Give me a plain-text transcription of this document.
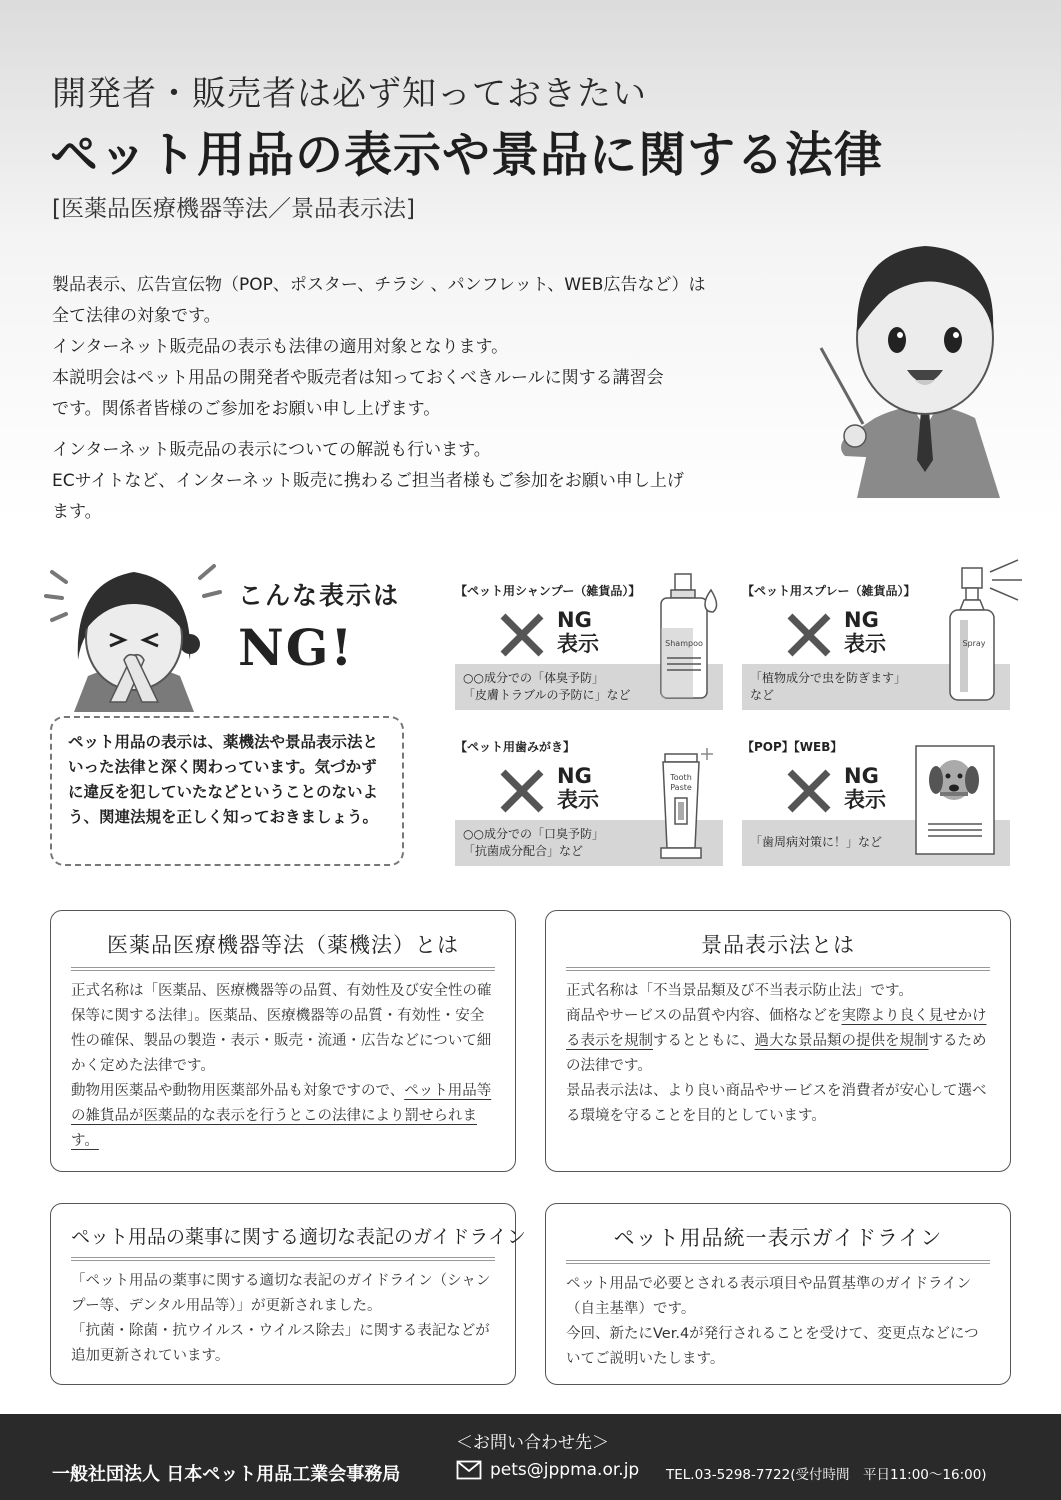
開発者・販売者は必ず知っておきたい
ペット用品の表示や景品に関する法律
[医薬品医療機器等法／景品表示法]

製品表示、広告宣伝物（POP、ポスター、チラシ 、パンフレット、WEB広告など）は

全て法律の対象です。

インターネット販売品の表示も法律の適用対象となります。

本説明会はペット用品の開発者や販売者は知っておくべきルールに関する講習会

です。関係者皆様のご参加をお願い申し上げます。

インターネット販売品の表示についての解説も行います。

ECサイトなど、インターネット販売に携わるご担当者様もご参加をお願い申し上げ

ます。

こんな表示は
NG!

ペット用品の表示は、薬機法や景品表示法といった法律と深く関わっています。気づかずに違反を犯していたなどということのないよう、関連法規を正しく知っておきましょう。

【ペット用シャンプー（雑貨品）】
NG
表示
○○成分での「体臭予防」
「皮膚トラブルの予防に」など
Shampoo
【ペット用スプレー（雑貨品）】
NG
表示
「植物成分で虫を防ぎます」
など
Spray
【ペット用歯みがき】
NG
表示
○○成分での「口臭予防」
「抗菌成分配合」など
Tooth
Paste
【POP】【WEB】
NG
表示
「歯周病対策に！」など
医薬品医療機器等法（薬機法）とは

正式名称は「医薬品、医療機器等の品質、有効性及び安全性の確保等に関する法律」。医薬品、医療機器等の品質・有効性・安全性の確保、製品の製造・表示・販売・流通・広告などについて細かく定めた法律です。

動物用医薬品や動物用医薬部外品も対象ですので、ペット用品等の雑貨品が医薬品的な表示を行うとこの法律により罰せられます。

景品表示法とは

正式名称は「不当景品類及び不当表示防止法」です。

商品やサービスの品質や内容、価格などを実際より良く見せかける表示を規制するとともに、過大な景品類の提供を規制するための法律です。

景品表示法は、より良い商品やサービスを消費者が安心して選べる環境を守ることを目的としています。

ペット用品の薬事に関する適切な表記のガイドライン

「ペット用品の薬事に関する適切な表記のガイドライン（シャンプー等、デンタル用品等）」が更新されました。

「抗菌・除菌・抗ウイルス・ウイルス除去」に関する表記などが追加更新されています。

ペット用品統一表示ガイドライン

ペット用品で必要とされる表示項目や品質基準のガイドライン（自主基準）です。

今回、新たにVer.4が発行されることを受けて、変更点などについてご説明いたします。

＜お問い合わせ先＞
一般社団法人 日本ペット用品工業会事務局	pets@jppma.or.jp TEL.03-5298-7722(受付時間　平日11:00〜16:00)
